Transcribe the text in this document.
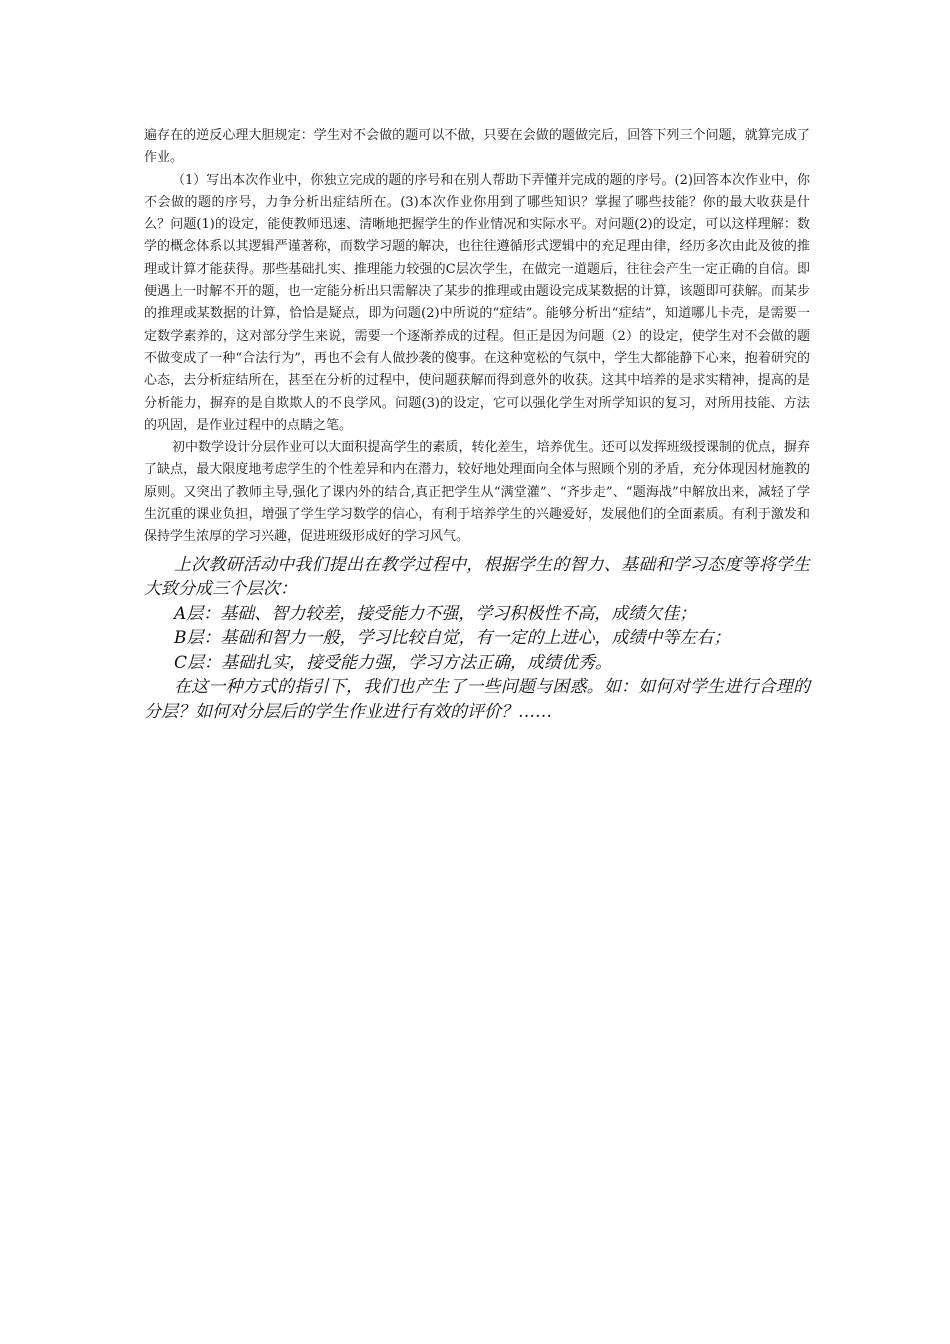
遍存在的逆反心理大胆规定：学生对不会做的题可以不做，只要在会做的题做完后，回答下列三个问题，就算完成了作业。

（1）写出本次作业中，你独立完成的题的序号和在别人帮助下弄懂并完成的题的序号。(2)回答本次作业中，你不会做的题的序号，力争分析出症结所在。(3)本次作业你用到了哪些知识？掌握了哪些技能？你的最大收获是什么？问题(1)的设定，能使教师迅速、清晰地把握学生的作业情况和实际水平。对问题(2)的设定，可以这样理解：数学的概念体系以其逻辑严谨著称，而数学习题的解决，也往往遵循形式逻辑中的充足理由律，经历多次由此及彼的推理或计算才能获得。那些基础扎实、推理能力较强的C层次学生，在做完一道题后，往往会产生一定正确的自信。即便遇上一时解不开的题，也一定能分析出只需解决了某步的推理或由题设完成某数据的计算，该题即可获解。而某步的推理或某数据的计算，恰恰是疑点，即为问题(2)中所说的“症结”。能够分析出“症结”，知道哪儿卡壳，是需要一定数学素养的，这对部分学生来说，需要一个逐渐养成的过程。但正是因为问题（2）的设定，使学生对不会做的题不做变成了一种“合法行为”，再也不会有人做抄袭的傻事。在这种宽松的气氛中，学生大都能静下心来，抱着研究的心态，去分析症结所在，甚至在分析的过程中，使问题获解而得到意外的收获。这其中培养的是求实精神，提高的是分析能力，摒弃的是自欺欺人的不良学风。问题(3)的设定，它可以强化学生对所学知识的复习，对所用技能、方法的巩固，是作业过程中的点睛之笔。

初中数学设计分层作业可以大面积提高学生的素质，转化差生，培养优生。还可以发挥班级授课制的优点，摒弃了缺点，最大限度地考虑学生的个性差异和内在潜力，较好地处理面向全体与照顾个别的矛盾，充分体现因材施教的原则。又突出了教师主导,强化了课内外的结合,真正把学生从“满堂灌”、“齐步走”、“题海战”中解放出来，减轻了学生沉重的课业负担，增强了学生学习数学的信心，有利于培养学生的兴趣爱好，发展他们的全面素质。有利于激发和保持学生浓厚的学习兴趣，促进班级形成好的学习风气。

上次教研活动中我们提出在教学过程中，根据学生的智力、基础和学习态度等将学生大致分成三个层次：

A层：基础、智力较差，接受能力不强，学习积极性不高，成绩欠佳；

B层：基础和智力一般，学习比较自觉，有一定的上进心，成绩中等左右；

C层：基础扎实，接受能力强，学习方法正确，成绩优秀。

在这一种方式的指引下，我们也产生了一些问题与困惑。如：如何对学生进行合理的分层？如何对分层后的学生作业进行有效的评价？……
